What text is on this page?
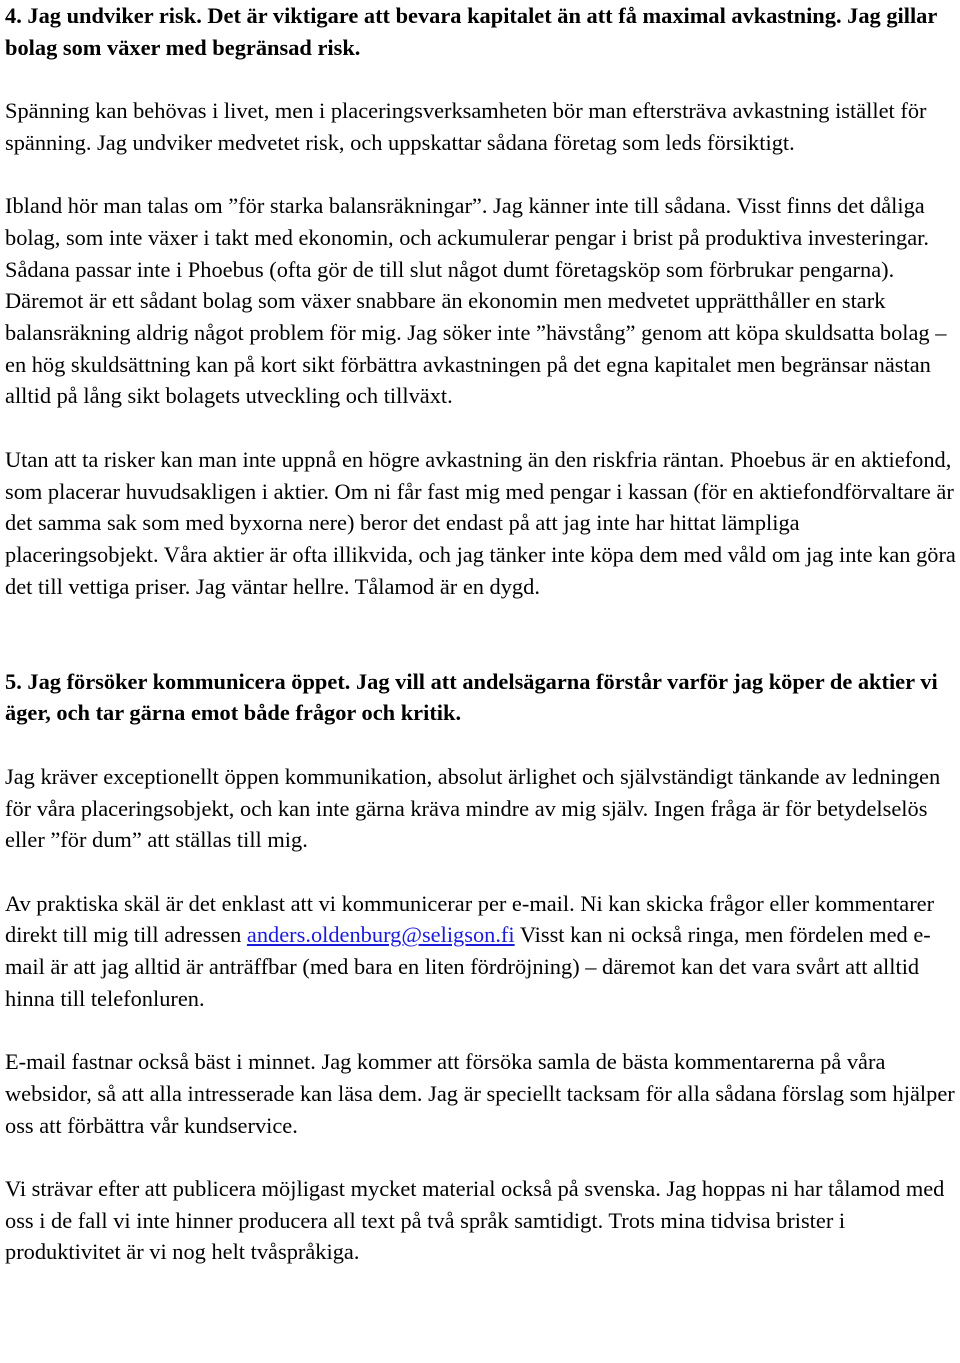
4. Jag undviker risk. Det är viktigare att bevara kapitalet än att få maximal avkastning. Jag gillar bolag som växer med begränsad risk.

Spänning kan behövas i livet, men i placeringsverksamheten bör man eftersträva avkastning istället för spänning. Jag undviker medvetet risk, och uppskattar sådana företag som leds försiktigt.

Ibland hör man talas om ”för starka balansräkningar”. Jag känner inte till sådana. Visst finns det dåliga bolag, som inte växer i takt med ekonomin, och ackumulerar pengar i brist på produktiva investeringar. Sådana passar inte i Phoebus (ofta gör de till slut något dumt företagsköp som förbrukar pengarna). Däremot är ett sådant bolag som växer snabbare än ekonomin men medvetet upprätthåller en stark balansräkning aldrig något problem för mig. Jag söker inte ”hävstång” genom att köpa skuldsatta bolag – en hög skuldsättning kan på kort sikt förbättra avkastningen på det egna kapitalet men begränsar nästan alltid på lång sikt bolagets utveckling och tillväxt.

Utan att ta risker kan man inte uppnå en högre avkastning än den riskfria räntan. Phoebus är en aktiefond, som placerar huvudsakligen i aktier. Om ni får fast mig med pengar i kassan (för en aktiefondförvaltare är det samma sak som med byxorna nere) beror det endast på att jag inte har hittat lämpliga placeringsobjekt. Våra aktier är ofta illikvida, och jag tänker inte köpa dem med våld om jag inte kan göra det till vettiga priser. Jag väntar hellre. Tålamod är en dygd.

5. Jag försöker kommunicera öppet. Jag vill att andelsägarna förstår varför jag köper de aktier vi äger, och tar gärna emot både frågor och kritik.

Jag kräver exceptionellt öppen kommunikation, absolut ärlighet och självständigt tänkande av ledningen för våra placeringsobjekt, och kan inte gärna kräva mindre av mig själv. Ingen fråga är för betydelselös eller ”för dum” att ställas till mig.

Av praktiska skäl är det enklast att vi kommunicerar per e-mail. Ni kan skicka frågor eller kommentarer direkt till mig till adressen anders.oldenburg@seligson.fi Visst kan ni också ringa, men fördelen med e-mail är att jag alltid är anträffbar (med bara en liten fördröjning) – däremot kan det vara svårt att alltid hinna till telefonluren.

E-mail fastnar också bäst i minnet. Jag kommer att försöka samla de bästa kommentarerna på våra websidor, så att alla intresserade kan läsa dem. Jag är speciellt tacksam för alla sådana förslag som hjälper oss att förbättra vår kundservice.

Vi strävar efter att publicera möjligast mycket material också på svenska. Jag hoppas ni har tålamod med oss i de fall vi inte hinner producera all text på två språk samtidigt. Trots mina tidvisa brister i produktivitet är vi nog helt tvåspråkiga.
